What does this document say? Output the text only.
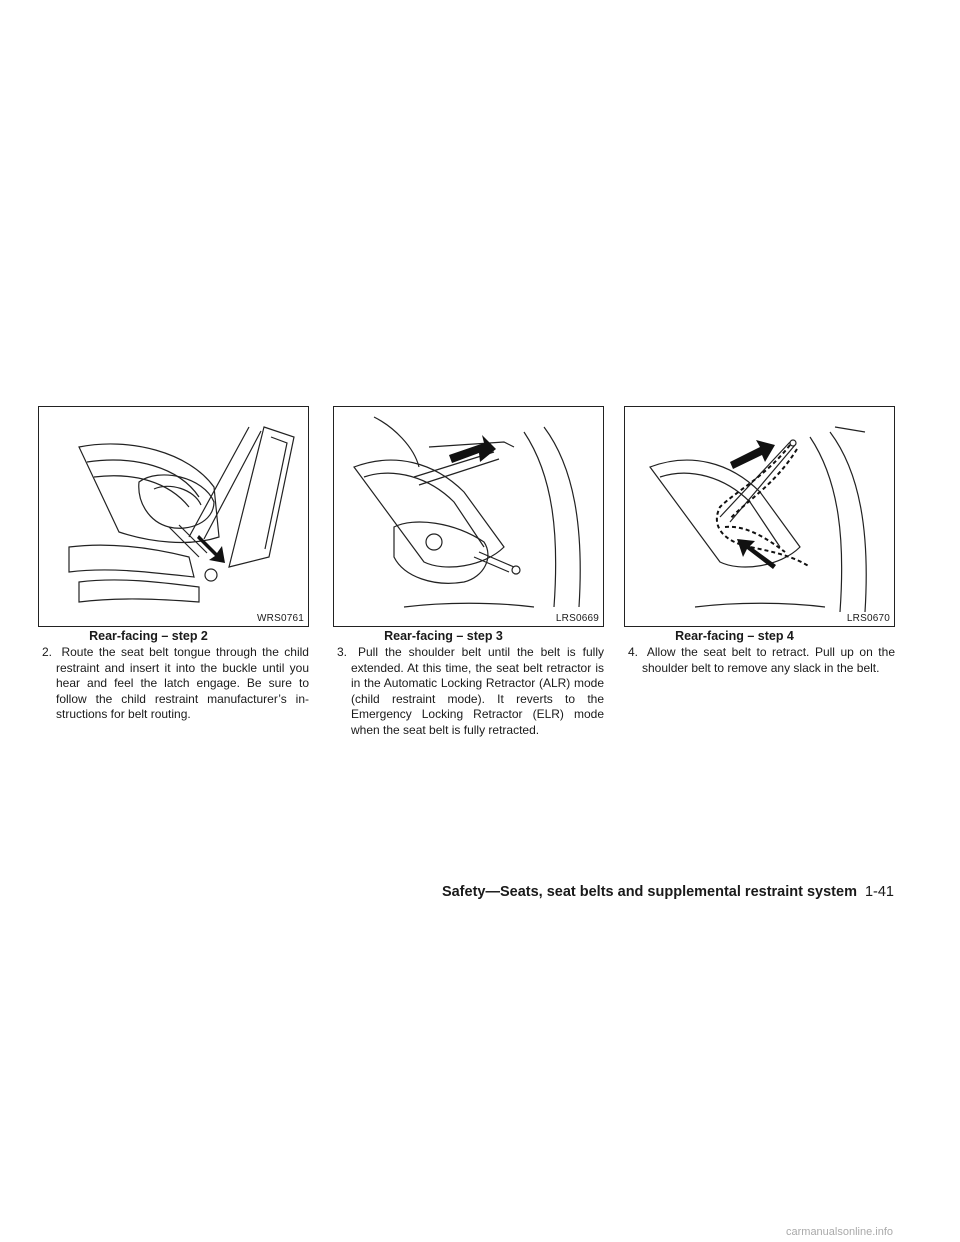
WRS0761
Rear-facing – step 2
2. Route the seat belt tongue through the child restraint and insert it into the buckle until you hear and feel the latch engage. Be sure to follow the child restraint manufacturer’s in-structions for belt routing.
LRS0669
Rear-facing – step 3
3. Pull the shoulder belt until the belt is fully extended. At this time, the seat belt retractor is in the Automatic Locking Retractor (ALR) mode (child restraint mode). It reverts to the Emergency Locking Retractor (ELR) mode when the seat belt is fully retracted.
LRS0670
Rear-facing – step 4
4. Allow the seat belt to retract. Pull up on the shoulder belt to remove any slack in the belt.
Safety—Seats, seat belts and supplemental restraint system 1-41
carmanualsonline.info
